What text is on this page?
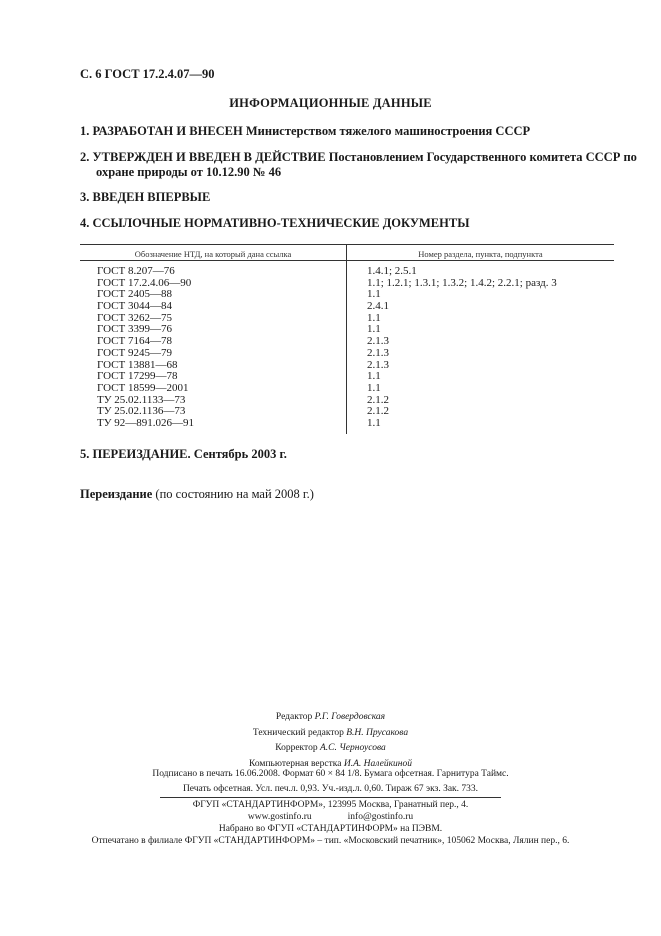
С. 6 ГОСТ 17.2.4.07—90
ИНФОРМАЦИОННЫЕ ДАННЫЕ
1. РАЗРАБОТАН И ВНЕСЕН Министерством тяжелого машиностроения СССР
2. УТВЕРЖДЕН И ВВЕДЕН В ДЕЙСТВИЕ Постановлением Государственного комитета СССР по
охране природы от 10.12.90 № 46
3. ВВЕДЕН ВПЕРВЫЕ
4. ССЫЛОЧНЫЕ НОРМАТИВНО-ТЕХНИЧЕСКИЕ ДОКУМЕНТЫ
Обозначение НТД, на который дана ссылка	Номер раздела, пункта, подпункта
ГОСТ 8.207—76
ГОСТ 17.2.4.06—90
ГОСТ 2405—88
ГОСТ 3044—84
ГОСТ 3262—75
ГОСТ 3399—76
ГОСТ 7164—78
ГОСТ 9245—79
ГОСТ 13881—68
ГОСТ 17299—78
ГОСТ 18599—2001
ТУ 25.02.1133—73
ТУ 25.02.1136—73
ТУ 92—891.026—91
1.4.1; 2.5.1
1.1; 1.2.1; 1.3.1; 1.3.2; 1.4.2; 2.2.1; разд. 3
1.1
2.4.1
1.1
1.1
2.1.3
2.1.3
2.1.3
1.1
1.1
2.1.2
2.1.2
1.1
5. ПЕРЕИЗДАНИЕ. Сентябрь 2003 г.
Переиздание (по состоянию на май 2008 г.)
Редактор Р.Г. Говердовская
Технический редактор В.Н. Прусакова
Корректор А.С. Черноусова
Компьютерная верстка И.А. Налейкиной
Подписано в печать 16.06.2008. Формат 60 × 84 1/8. Бумага офсетная. Гарнитура Таймс.
Печать офсетная. Усл. печ.л. 0,93. Уч.-изд.л. 0,60. Тираж 67 экз. Зак. 733.
ФГУП «СТАНДАРТИНФОРМ», 123995 Москва, Гранатный пер., 4.
www.gostinfo.ru	info@gostinfo.ru
Набрано во ФГУП «СТАНДАРТИНФОРМ» на ПЭВМ.
Отпечатано в филиале ФГУП «СТАНДАРТИНФОРМ» – тип. «Московский печатник», 105062 Москва, Лялин пер., 6.
